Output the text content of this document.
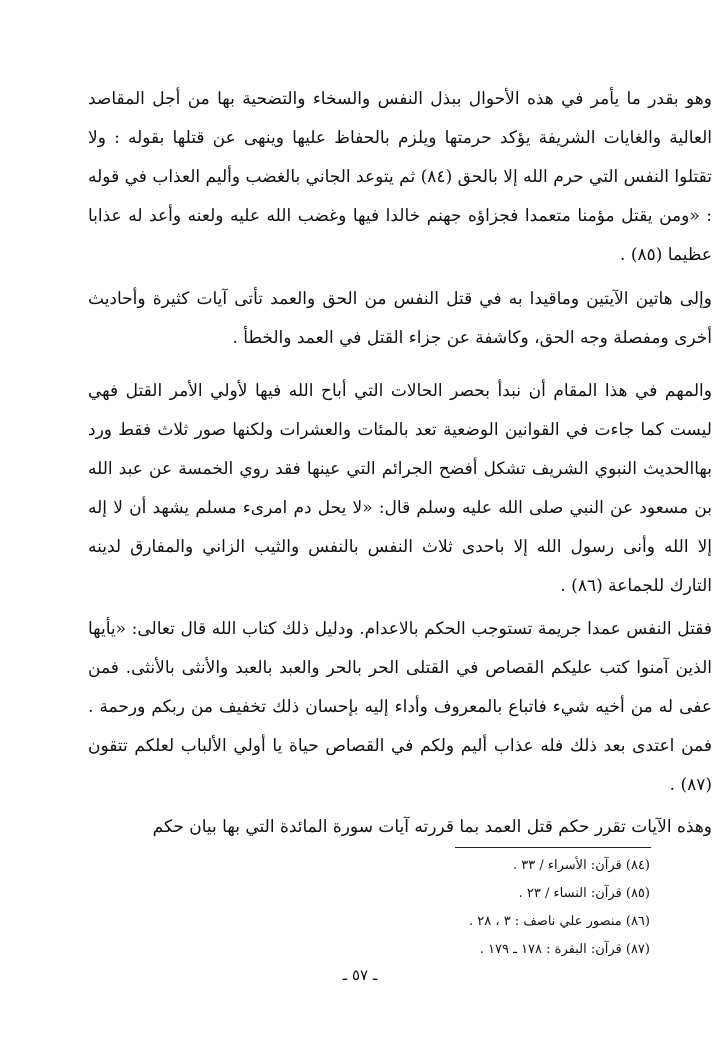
وهو بقدر ما يأمر في هذه الأحوال ببذل النفس والسخاء والتضحية بها من أجل المقاصد العالية والغايات الشريفة يؤكد حرمتها ويلزم بالحفاظ عليها وينهى عن قتلها بقوله : ولا تقتلوا النفس التي حرم الله إلا بالحق (٨٤) ثم يتوعد الجاني بالغضب وأليم العذاب في قوله : «ومن يقتل مؤمنا متعمدا فجزاؤه جهنم خالدا فيها وغضب الله عليه ولعنه وأعد له عذابا عظيما (٨٥) .

وإلى هاتين الآيتين وماقيدا به في قتل النفس من الحق والعمد تأتى آيات كثيرة وأحاديث أخرى ومفصلة وجه الحق، وكاشفة عن جزاء القتل في العمد والخطأ .

والمهم في هذا المقام أن نبدأ بحصر الحالات التي أباح الله فيها لأولي الأمر القتل فهي ليست كما جاءت في القوانين الوضعية تعد بالمئات والعشرات ولكنها صور ثلاث فقط ورد بهاالحديث النبوي الشريف تشكل أفضح الجرائم التي عينها فقد روي الخمسة عن عبد الله بن مسعود عن النبي صلى الله عليه وسلم قال: «لا يحل دم امرىء مسلم يشهد أن لا إله إلا الله وأنى رسول الله إلا باحدى ثلاث النفس بالنفس والثيب الزاني والمفارق لدينه التارك للجماعة (٨٦) .

فقتل النفس عمدا جريمة تستوجب الحكم بالاعدام. ودليل ذلك كتاب الله قال تعالى: «يأيها الذين آمنوا كتب عليكم القصاص في القتلى الحر بالحر والعبد بالعبد والأنثى بالأنثى. فمن عفى له من أخيه شيء فاتباع بالمعروف وأداء إليه بإحسان ذلك تخفيف من ربكم ورحمة . فمن اعتدى بعد ذلك فله عذاب أليم ولكم في القصاص حياة يا أولي الألباب لعلكم تتقون (٨٧) .

وهذه الآيات تقرر حكم قتل العمد بما قررته آيات سورة المائدة التي بها بيان حكم

(٨٤) قرآن: الأسراء / ٣٣ .

(٨٥) قرآن: النساء / ٢٣ .

(٨٦) منصور علي ناصف : ٣ ، ٢٨ .

(٨٧) قرآن: البقرة : ١٧٨ ـ ١٧٩ .

ـ ٥٧ ـ
